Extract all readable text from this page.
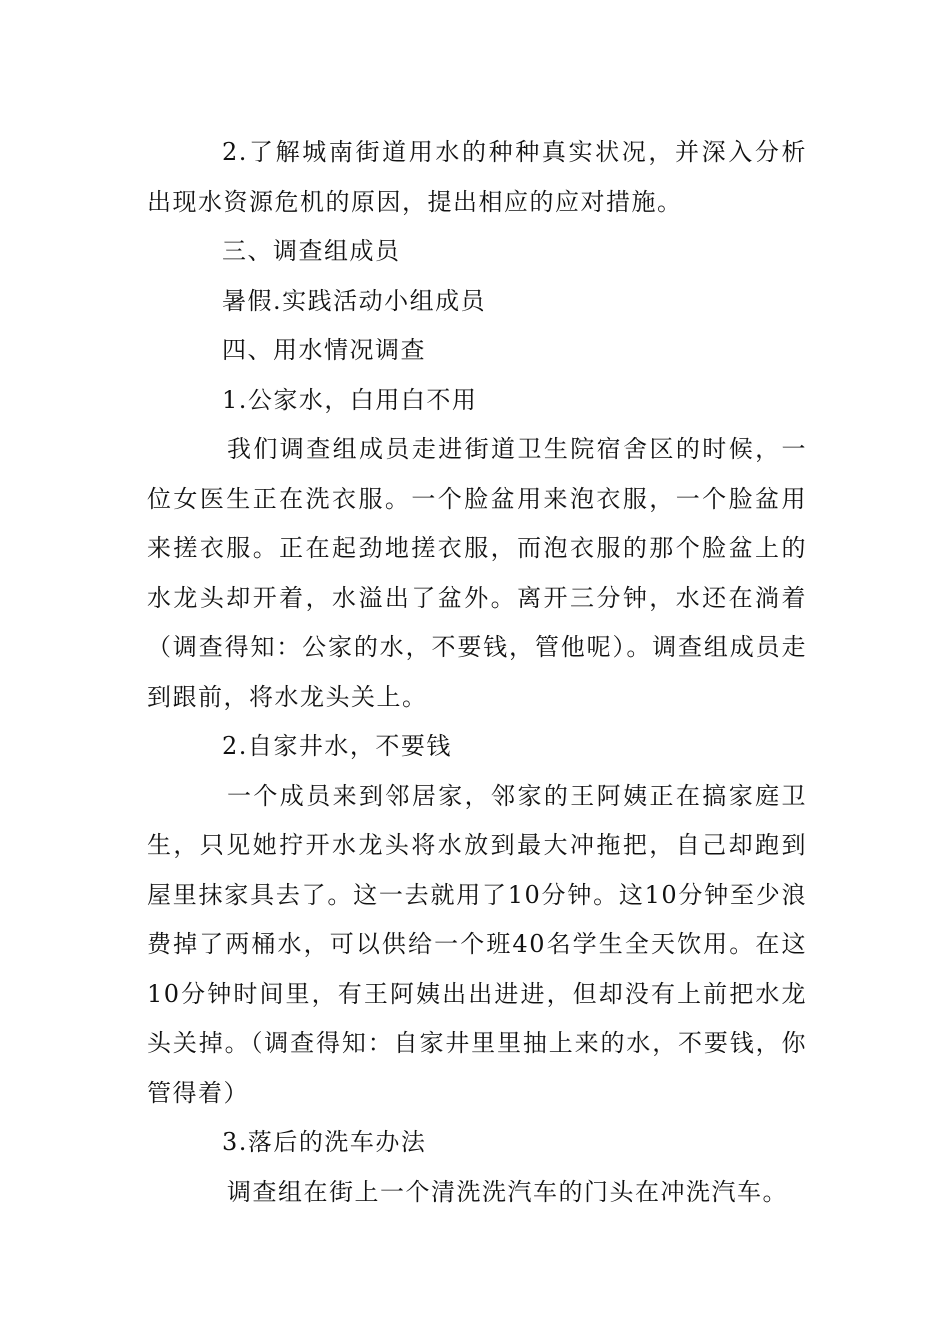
2.了解城南街道用水的种种真实状况，并深入分析出现水资源危机的原因，提出相应的应对措施。

三、调查组成员

暑假.实践活动小组成员

四、用水情况调查

1.公家水，白用白不用

我们调查组成员走进街道卫生院宿舍区的时候，一位女医生正在洗衣服。一个脸盆用来泡衣服，一个脸盆用来搓衣服。正在起劲地搓衣服，而泡衣服的那个脸盆上的水龙头却开着，水溢出了盆外。离开三分钟，水还在淌着（调查得知：公家的水，不要钱，管他呢）。调查组成员走到跟前，将水龙头关上。

2.自家井水，不要钱

一个成员来到邻居家，邻家的王阿姨正在搞家庭卫生，只见她拧开水龙头将水放到最大冲拖把，自己却跑到屋里抹家具去了。这一去就用了10分钟。这10分钟至少浪费掉了两桶水，可以供给一个班40名学生全天饮用。在这10分钟时间里，有王阿姨出出进进，但却没有上前把水龙头关掉。（调查得知：自家井里里抽上来的水，不要钱，你管得着）

3.落后的洗车办法

调查组在街上一个清洗洗汽车的门头在冲洗汽车。
